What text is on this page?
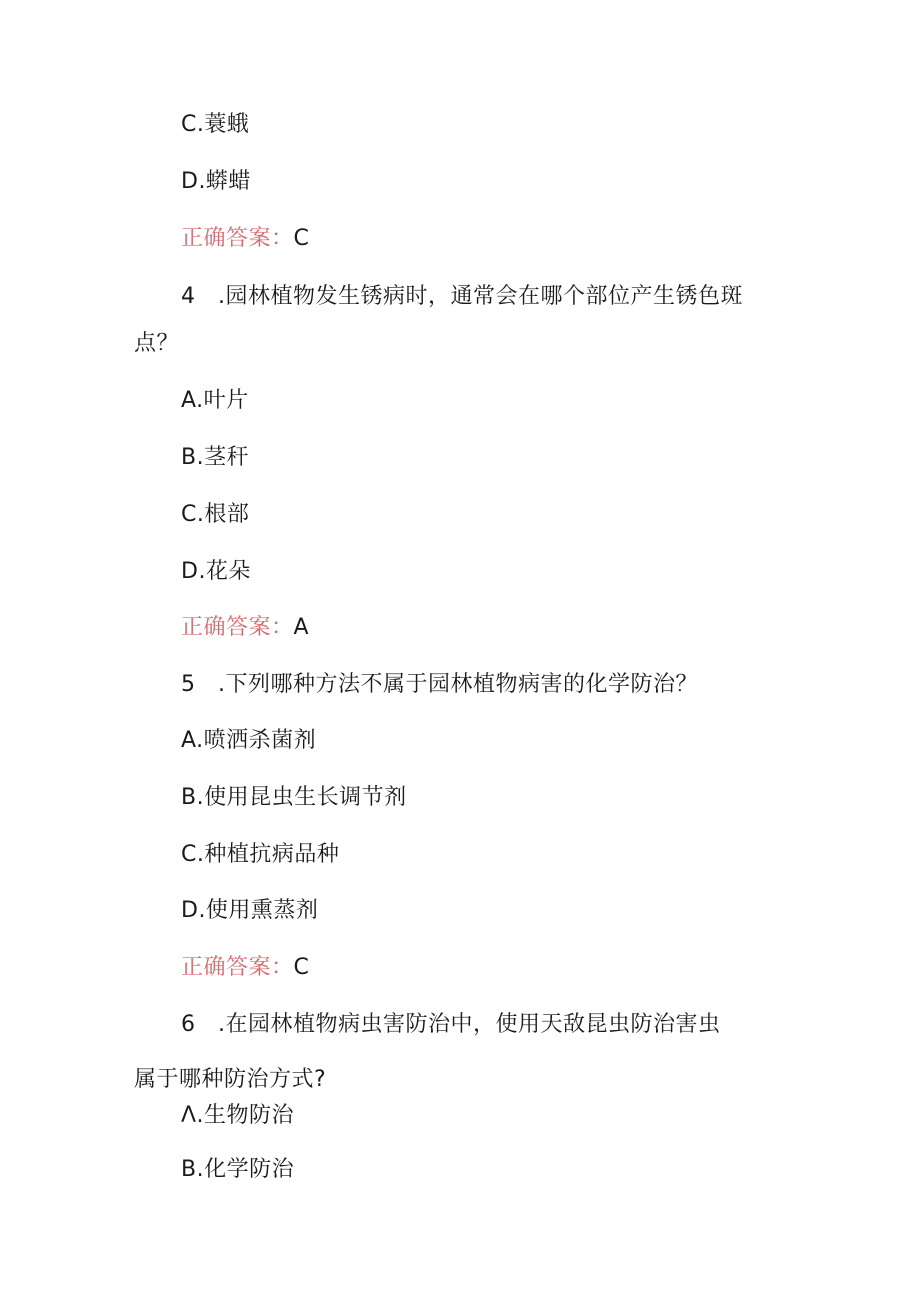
C.蓑蛾
D.蟒蜡
正确答案：C
4 .园林植物发生锈病时，通常会在哪个部位产生锈色斑
点？
A.叶片
B.茎秆
C.根部
D.花朵
正确答案：A
5 .下列哪种方法不属于园林植物病害的化学防治？
A.喷洒杀菌剂
B.使用昆虫生长调节剂
C.种植抗病品种
D.使用熏蒸剂
正确答案：C
6 .在园林植物病虫害防治中，使用天敌昆虫防治害虫
属于哪种防治方式?
Λ.生物防治
B.化学防治
